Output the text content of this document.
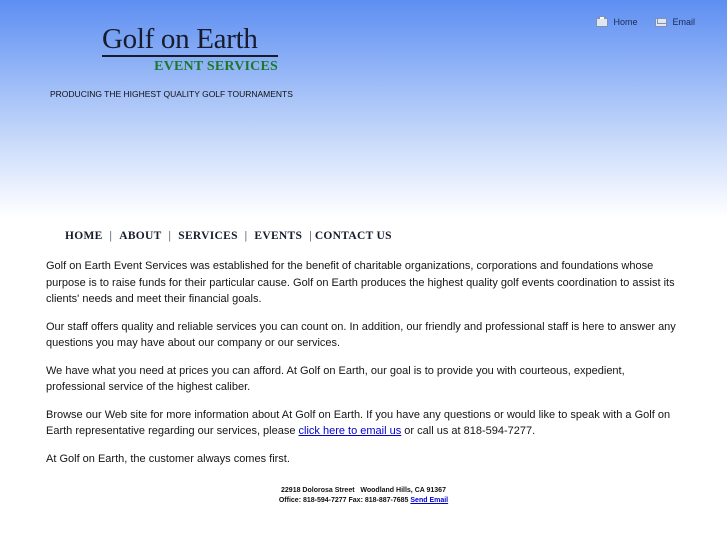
Home	Email
Golf on Earth
EVENT SERVICES
PRODUCING THE HIGHEST QUALITY GOLF TOURNAMENTS
HOME | ABOUT | SERVICES | EVENTS | CONTACT US

Golf on Earth Event Services was established for the benefit of charitable organizations, corporations and foundations whose purpose is to raise funds for their particular cause. Golf on Earth produces the highest quality golf events coordination to assist its clients' needs and meet their financial goals.

Our staff offers quality and reliable services you can count on. In addition, our friendly and professional staff is here to answer any questions you may have about our company or our services.

We have what you need at prices you can afford. At Golf on Earth, our goal is to provide you with courteous, expedient, professional service of the highest caliber.

Browse our Web site for more information about At Golf on Earth. If you have any questions or would like to speak with a Golf on Earth representative regarding our services, please click here to email us or call us at 818-594-7277.

At Golf on Earth, the customer always comes first.

22918 Dolorosa Street   Woodland Hills, CA 91367
Office: 818-594-7277 Fax: 818-887-7685 Send Email
